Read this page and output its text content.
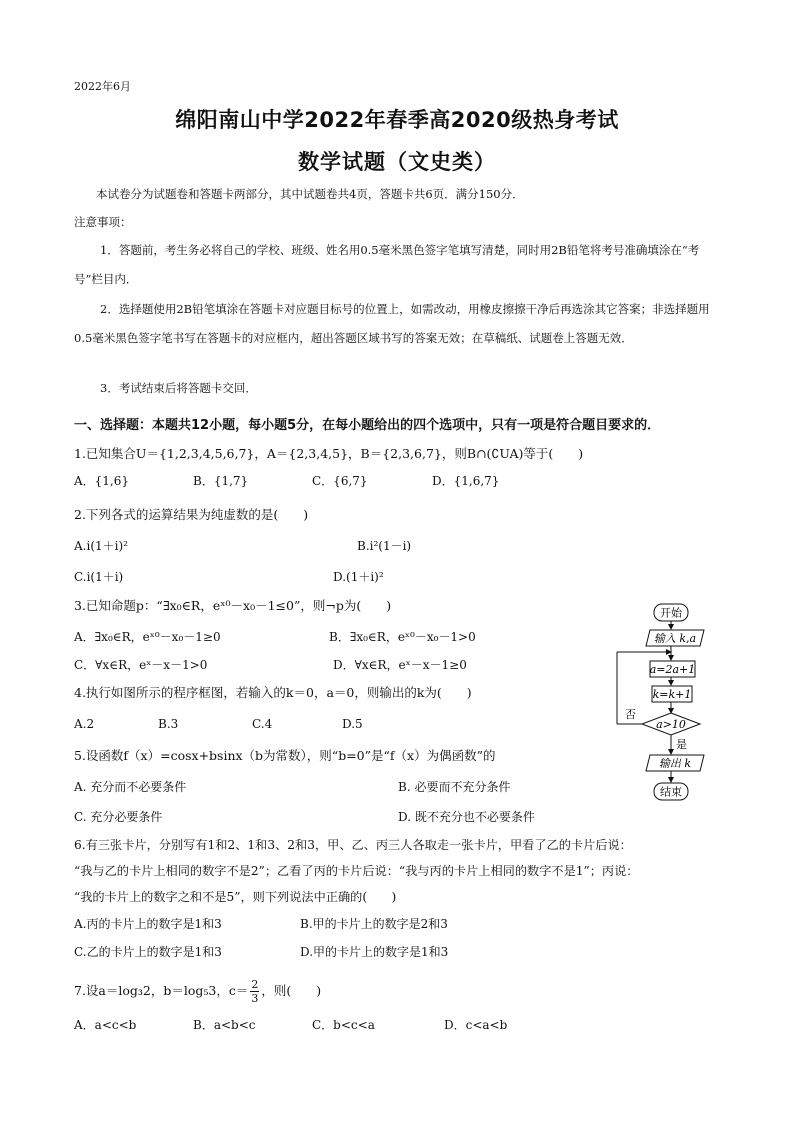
2022年6月
绵阳南山中学2022年春季高2020级热身考试
数学试题（文史类）
本试卷分为试题卷和答题卡两部分，其中试题卷共4页，答题卡共6页．满分150分．
注意事项：
1．答题前，考生务必将自己的学校、班级、姓名用0.5毫米黑色签字笔填写清楚，同时用2B铅笔将考号准确填涂在“考号”栏目内．
2．选择题使用2B铅笔填涂在答题卡对应题目标号的位置上，如需改动，用橡皮擦擦干净后再选涂其它答案；非选择题用0.5毫米黑色签字笔书写在答题卡的对应框内，超出答题区域书写的答案无效；在草稿纸、试题卷上答题无效．
3．考试结束后将答题卡交回．
一、选择题：本题共12小题，每小题5分，在每小题给出的四个选项中，只有一项是符合题目要求的．
1.已知集合U＝{1,2,3,4,5,6,7}，A＝{2,3,4,5}，B＝{2,3,6,7}，则B∩(∁UA)等于(　　)
A．{1,6}	B．{1,7}	C．{6,7}	D．{1,6,7}
2.下列各式的运算结果为纯虚数的是(　　)
A.i(1＋i)²	B.i²(1－i)
C.i(1＋i)	D.(1＋i)²
3.已知命题p：“∃x₀∈R，eˣ⁰－x₀－1≤0”，则¬p为(　　)
A．∃x₀∈R，eˣ⁰－x₀－1≥0	B．∃x₀∈R，eˣ⁰－x₀－1>0
C．∀x∈R，eˣ－x－1>0	D．∀x∈R，eˣ－x－1≥0
4.执行如图所示的程序框图，若输入的k＝0，a＝0，则输出的k为(　　)
A.2	B.3	C.4	D.5
5.设函数f（x）=cosx+bsinx（b为常数），则“b=0”是“f（x）为偶函数”的
A. 充分而不必要条件	B. 必要而不充分条件
C. 充分必要条件	D. 既不充分也不必要条件
6.有三张卡片，分别写有1和2、1和3、2和3，甲、乙、丙三人各取走一张卡片，甲看了乙的卡片后说：
“我与乙的卡片上相同的数字不是2”；乙看了丙的卡片后说：“我与丙的卡片上相同的数字不是1”；丙说：
“我的卡片上的数字之和不是5”，则下列说法中正确的(　　)
A.丙的卡片上的数字是1和3	B.甲的卡片上的数字是2和3
C.乙的卡片上的数字是1和3	D.甲的卡片上的数字是1和3
7.设a＝log₃2，b＝log₅3，$c= \frac{2}{3}$ ，则(　　)
A．a<c<b	B．a<b<c	C．b<c<a	D．c<a<b
开始
输入 k,a
否
a=2a+1
k=k+1
a>10
是
输出 k
结束
